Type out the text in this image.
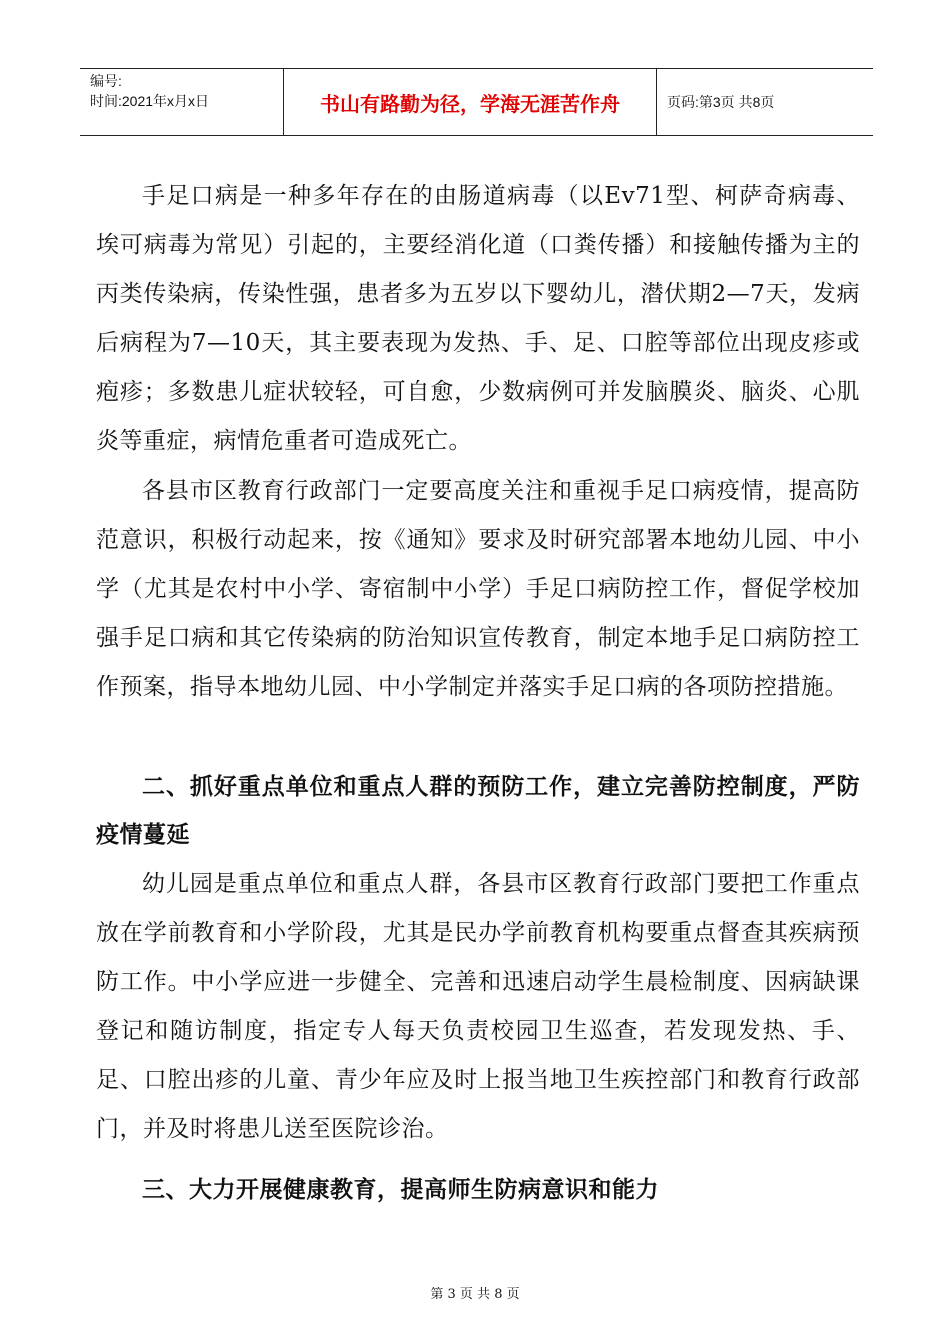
编号:
时间:2021年x月x日	书山有路勤为径，学海无涯苦作舟	页码:第3页 共8页

手足口病是一种多年存在的由肠道病毒（以Ev71型、柯萨奇病毒、埃可病毒为常见）引起的，主要经消化道（口粪传播）和接触传播为主的丙类传染病，传染性强，患者多为五岁以下婴幼儿，潜伏期2—7天，发病后病程为7—10天，其主要表现为发热、手、足、口腔等部位出现皮疹或疱疹；多数患儿症状较轻，可自愈，少数病例可并发脑膜炎、脑炎、心肌炎等重症，病情危重者可造成死亡。

各县市区教育行政部门一定要高度关注和重视手足口病疫情，提高防范意识，积极行动起来，按《通知》要求及时研究部署本地幼儿园、中小学（尤其是农村中小学、寄宿制中小学）手足口病防控工作，督促学校加强手足口病和其它传染病的防治知识宣传教育，制定本地手足口病防控工作预案，指导本地幼儿园、中小学制定并落实手足口病的各项防控措施。

二、抓好重点单位和重点人群的预防工作，建立完善防控制度，严防疫情蔓延

幼儿园是重点单位和重点人群，各县市区教育行政部门要把工作重点放在学前教育和小学阶段，尤其是民办学前教育机构要重点督查其疾病预防工作。中小学应进一步健全、完善和迅速启动学生晨检制度、因病缺课登记和随访制度，指定专人每天负责校园卫生巡查，若发现发热、手、足、口腔出疹的儿童、青少年应及时上报当地卫生疾控部门和教育行政部门，并及时将患儿送至医院诊治。

三、大力开展健康教育，提高师生防病意识和能力
第 3 页 共 8 页
